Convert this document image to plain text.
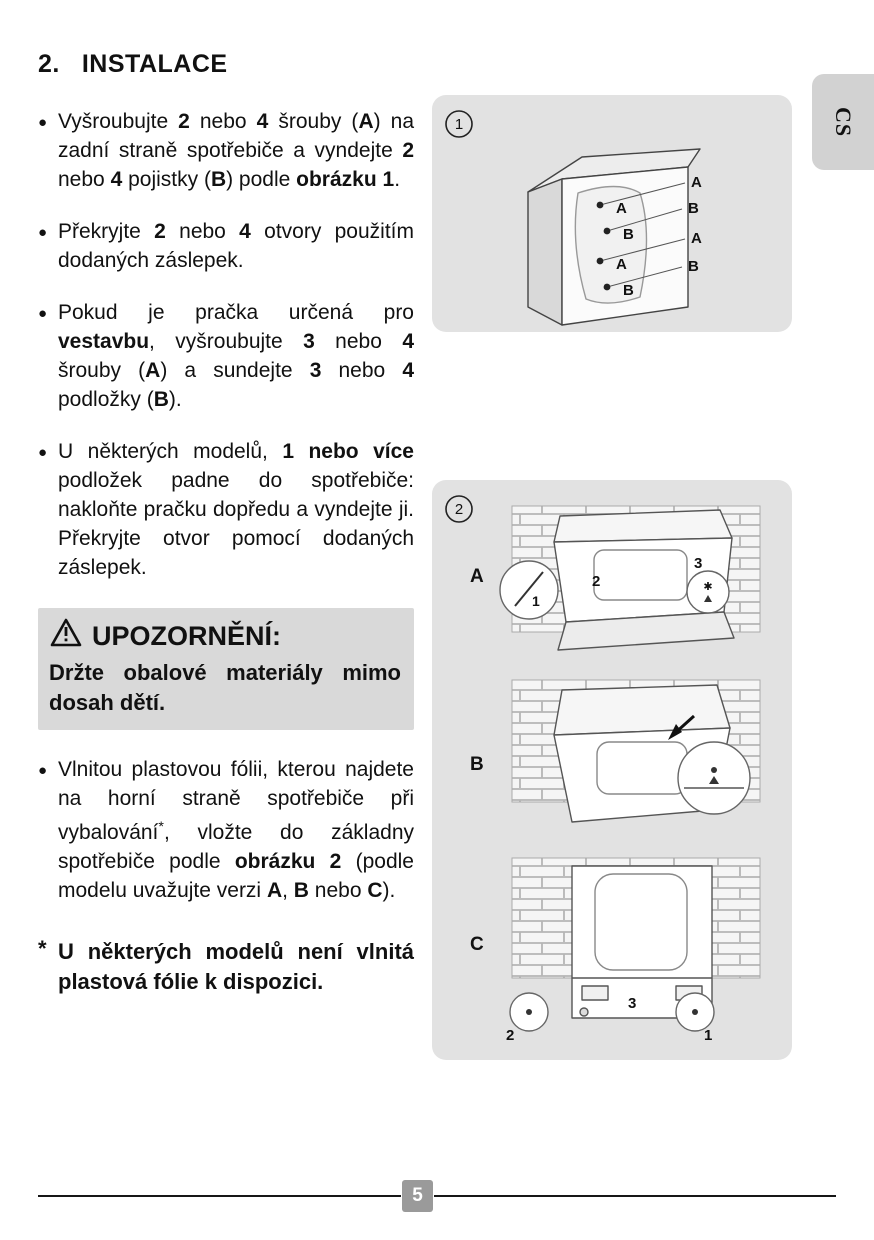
2. INSTALACE
● Vyšroubujte 2 nebo 4 šrouby (A) na zadní straně spotřebiče a vyndejte 2 nebo 4 pojistky (B) podle obrázku 1.
● Překryjte 2 nebo 4 otvory použitím dodaných záslepek.
● Pokud je pračka určená pro vestavbu, vyšroubujte 3 nebo 4 šrouby (A) a sundejte 3 nebo 4 podložky (B).
● U některých modelů, 1 nebo více podložek padne do spotřebiče: nakloňte pračku dopředu a vyndejte ji. Překryjte otvor pomocí dodaných záslepek.
UPOZORNĚNÍ:
Držte obalové materiály mimo dosah dětí.
● Vlnitou plastovou fólii, kterou najdete na horní straně spotřebiče při vybalování*, vložte do základny spotřebiče podle obrázku 2 (podle modelu uvažujte verzi A, B nebo C).
* U některých modelů není vlnitá plastová fólie k dispozici.
1
A
B
A
B
A
B
A
B
2
A	2
1
3
✱
B
C
3
2	1
CS
5
